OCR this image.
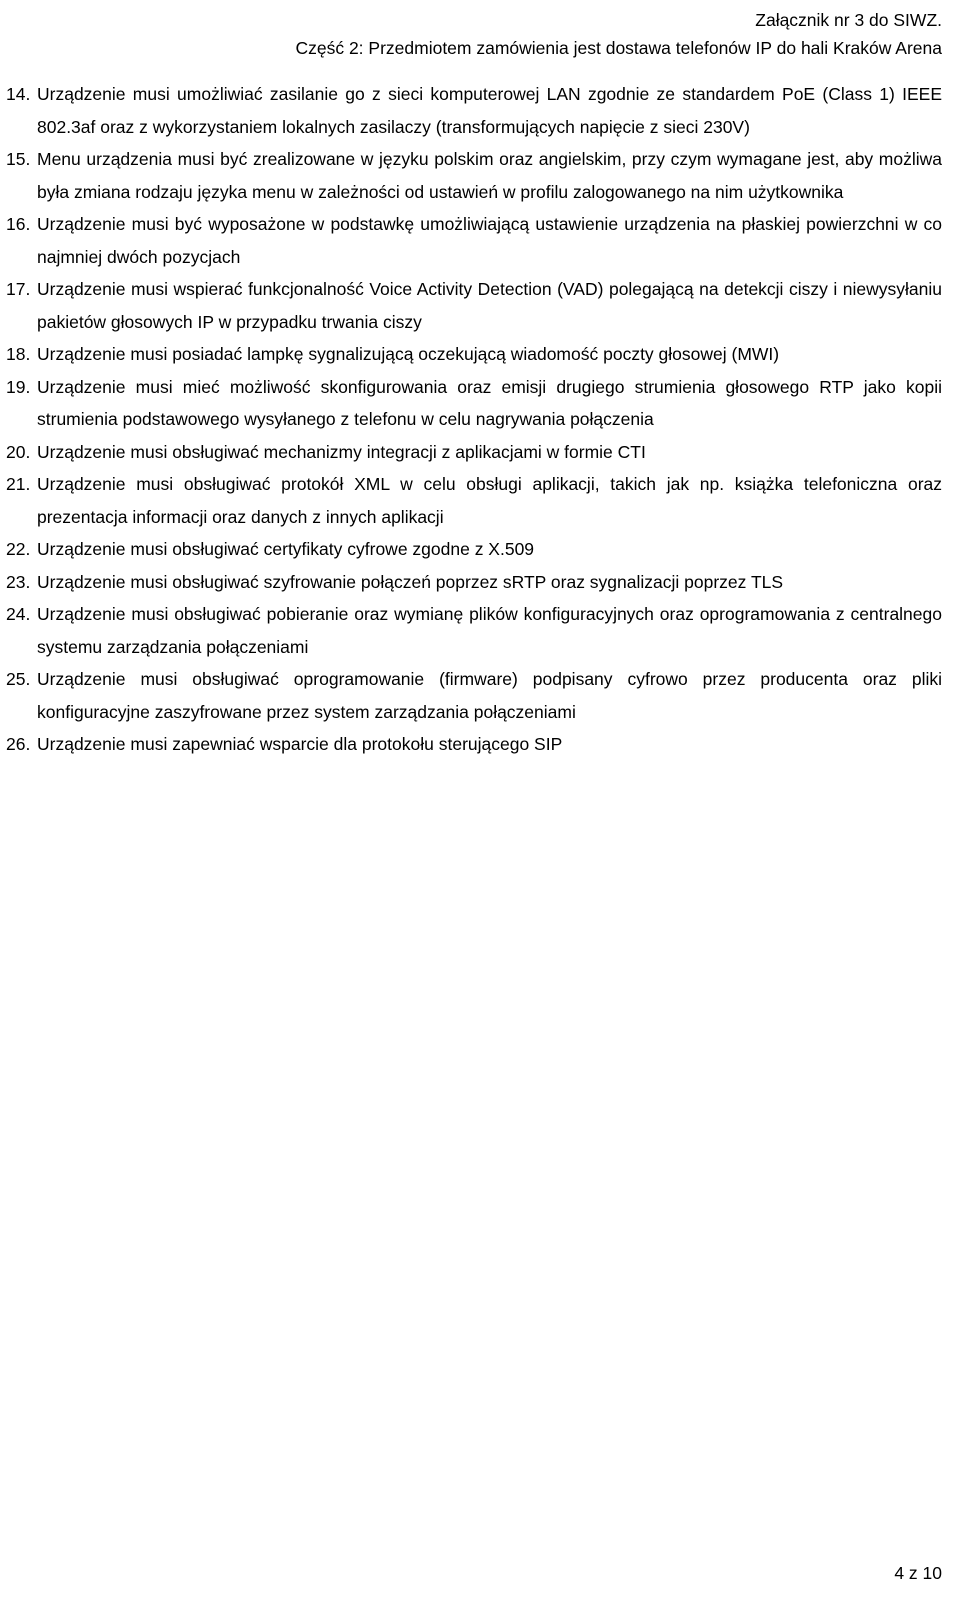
Załącznik nr 3 do SIWZ.
Część 2: Przedmiotem zamówienia jest dostawa telefonów IP do hali Kraków Arena
14. Urządzenie musi umożliwiać zasilanie go z sieci komputerowej LAN zgodnie ze standardem PoE (Class 1) IEEE 802.3af oraz z wykorzystaniem lokalnych zasilaczy (transformujących napięcie z sieci 230V)
15. Menu urządzenia musi być zrealizowane w języku polskim oraz angielskim, przy czym wymagane jest, aby możliwa była zmiana rodzaju języka menu w zależności od ustawień w profilu zalogowanego na nim użytkownika
16. Urządzenie musi być wyposażone w podstawkę umożliwiającą ustawienie urządzenia na płaskiej powierzchni w co najmniej dwóch pozycjach
17. Urządzenie musi wspierać funkcjonalność Voice Activity Detection (VAD) polegającą na detekcji ciszy i niewysyłaniu pakietów głosowych IP w przypadku trwania ciszy
18. Urządzenie musi posiadać lampkę sygnalizującą oczekującą wiadomość poczty głosowej (MWI)
19. Urządzenie musi mieć możliwość skonfigurowania oraz emisji drugiego strumienia głosowego RTP jako kopii strumienia podstawowego wysyłanego z telefonu w celu nagrywania połączenia
20. Urządzenie musi obsługiwać mechanizmy integracji z aplikacjami w formie CTI
21. Urządzenie musi obsługiwać protokół XML w celu obsługi aplikacji, takich jak np. książka telefoniczna oraz prezentacja informacji oraz danych z innych aplikacji
22. Urządzenie musi obsługiwać certyfikaty cyfrowe zgodne z X.509
23. Urządzenie musi obsługiwać szyfrowanie połączeń poprzez sRTP oraz sygnalizacji poprzez TLS
24. Urządzenie musi obsługiwać pobieranie oraz wymianę plików konfiguracyjnych oraz oprogramowania z centralnego systemu zarządzania połączeniami
25. Urządzenie musi obsługiwać oprogramowanie (firmware) podpisany cyfrowo przez producenta oraz pliki konfiguracyjne zaszyfrowane przez system zarządzania połączeniami
26. Urządzenie musi zapewniać wsparcie dla protokołu sterującego SIP
4 z 10
